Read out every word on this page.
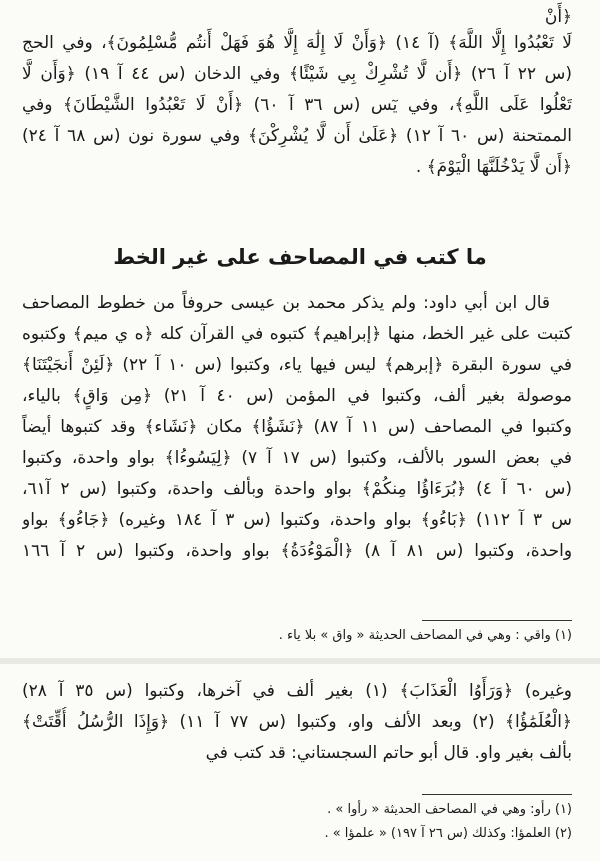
﴿أَنْ
لَا تَعْبُدُوا إِلَّا اللَّهَ﴾ (آ ١٤) ﴿وَأَنْ لَا إِلَٰهَ إِلَّا هُوَ فَهَلْ أَنتُم مُّسْلِمُونَ﴾، وفي الحج
(س ٢٢ آ ٢٦) ﴿أَن لَّا تُشْرِكْ بِي شَيْئًا﴾ وفي الدخان (س ٤٤ آ ١٩) ﴿وَأَن لَّا
تَعْلُوا عَلَى اللَّهِ﴾، وفي يٓس (س ٣٦ آ ٦٠) ﴿أَنْ لَا تَعْبُدُوا الشَّيْطَانَ﴾ وفي
الممتحنة (س ٦٠ آ ١٢) ﴿عَلَىٰ أَن لَّا يُشْرِكْنَ﴾ وفي سورة نون (س ٦٨ آ ٢٤)
﴿أَن لَّا يَدْخُلَنَّهَا الْيَوْمَ﴾ .
ما كتب في المصاحف على غير الخط
قال ابن أبي داود: ولم يذكر محمد بن عيسى حروفاً من خطوط المصاحف
كتبت على غير الخط، منها ﴿إبراهيم﴾ كتبوه في القرآن كله ﴿ه ي ميم﴾ وكتبوه
في سورة البقرة ﴿إبرهم﴾ ليس فيها ياء، وكتبوا (س ١٠ آ ٢٢) ﴿لَئِنْ أَنجَيْتَنَا﴾
موصولة بغير ألف، وكتبوا في المؤمن (س ٤٠ آ ٢١) ﴿مِن وَاقٍ﴾ بالياء،
وكتبوا في المصاحف (س ١١ آ ٨٧) ﴿نَشَؤُا﴾ مكان ﴿نَشَاء﴾ وقد كتبوها أيضاً
في بعض السور بالألف، وكتبوا (س ١٧ آ ٧) ﴿لِيَسُوءُا﴾ بواو واحدة، وكتبوا
(س ٦٠ آ ٤) ﴿بُرَءَاؤُا مِنكُمْ﴾ بواو واحدة وبألف واحدة، وكتبوا (س ٢ آ٦١،
س ٣ آ ١١٢) ﴿بَاءُو﴾ بواو واحدة، وكتبوا (س ٣ آ ١٨٤ وغيره) ﴿جَاءُو﴾ بواو
واحدة، وكتبوا (س ٨١ آ ٨) ﴿الْمَوْءُدَةُ﴾ بواو واحدة، وكتبوا (س ٢ آ ١٦٦
(١) واقي : وهي في المصاحف الحديثة « واق » بلا ياء .
وغيره) ﴿وَرَأَوُا الْعَذَابَ﴾ (١) بغير ألف في آخرها، وكتبوا (س ٣٥ آ ٢٨)
﴿الْعُلَمَٰؤُا﴾ (٢) وبعد الألف واو، وكتبوا (س ٧٧ آ ١١) ﴿وَإِذَا الرُّسُلُ أُقِّتَتْ﴾
بألف بغير واو. قال أبو حاتم السجستاني: قد كتب في
(١) رأو: وهي في المصاحف الحديثة « رأوا » .
(٢) العلمؤا: وكذلك (س ٢٦ آ ١٩٧) « علمؤا » .
